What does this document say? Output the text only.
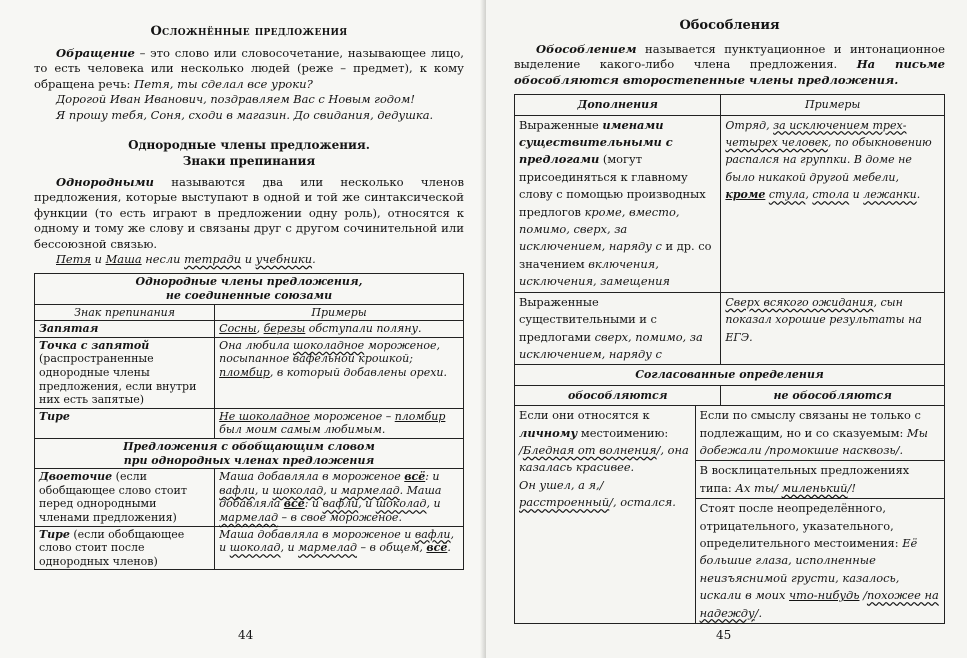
Осложнённые предложения

Обращение – это слово или словосочетание, называющее лицо, то есть человека или несколько людей (реже – предмет), к кому обращена речь: Петя, ты сделал все уроки?

Дорогой Иван Иванович, поздравляем Вас с Новым годом!

Я прошу тебя, Соня, сходи в магазин. До свидания, дедушка.

Однородные члены предложения.
Знаки препинания

Однородными называются два или несколько членов предложения, которые выступают в одной и той же синтаксической функции (то есть играют в предложении одну роль), относятся к одному и тому же слову и связаны друг с другом сочинительной или бессоюзной связью.

Петя и Маша несли тетради и учебники.

Однородные члены предложения,
не соединенные союзами	
Знак препинания	Примеры
Запятая	Сосны, березы обступали поляну.
Точка с запятой (распространенные однородные члены предложения, если внутри них есть запятые)	Она любила шоколадное мороженое, посыпанное вафельной крошкой; пломбир, в который добавлены орехи.
Тире	Не шоколадное мороженое – пломбир был моим самым любимым.
Предложения с обобщающим словом
при однородных членах предложения	
Двоеточие (если обобщающее слово стоит перед однородными членами предложения)	Маша добавляла в мороженое всё: и вафли, и шоколад, и мармелад. Маша добавляла всё: и вафли, и шоколад, и мармелад – в свое мороженое.
Тире (если обобщающее слово стоит после однородных членов)	Маша добавляла в мороженое и вафли, и шоколад, и мармелад – в общем, всё.
44
Обособления

Обособлением называется пунктуационное и интонационное выделение какого-либо члена предложения. На письме обособляются второстепенные члены предложения.

Дополнения	Примеры
Выраженные именами существительными с предлогами (могут присоединяться к главному слову с помощью производных предлогов кроме, вместо, помимо, сверх, за исключением, наряду с и др. со значением включения, исключения, замещения	Отряд, за исключением трех-четырех человек, по обыкновению распался на группки. В доме не было никакой другой мебели, кроме стула, стола и лежанки.
Выраженные существительными и с предлогами сверх, помимо, за исключением, наряду с	Сверх всякого ожидания, сын показал хорошие результаты на ЕГЭ.
Согласованные определения	
обособляются	не обособляются
Если они относятся к личному местоимению:
/Бледная от волнения/, она казалась красивее.
Он ушел, а я,/ расстроенный/, остался.
	Если по смыслу связаны не только с подлежащим, но и со сказуемым: Мы добежали /промокшие насквозь/.
В восклицательных предложениях типа: Ах ты/ миленький/!
Стоят после неопределённого, отрицательного, указательного, определительного местоимения: Её большие глаза, исполненные неизъяснимой грусти, казалось, искали в моих что-нибудь /похожее на надежду/.
45
